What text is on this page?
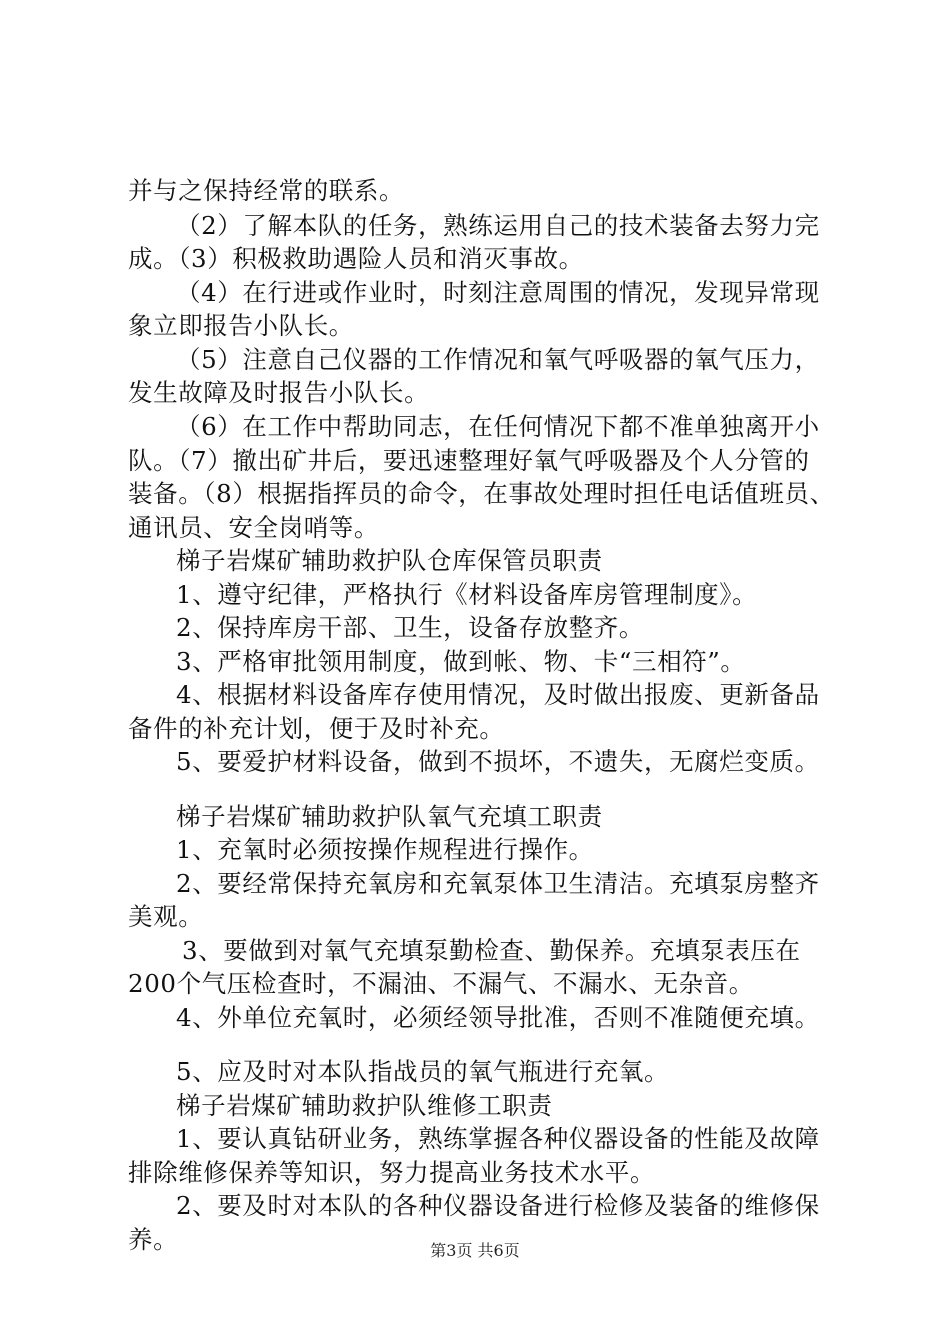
并与之保持经常的联系。
（2）了解本队的任务，熟练运用自己的技术装备去努力完
成。（3）积极救助遇险人员和消灭事故。
（4）在行进或作业时，时刻注意周围的情况，发现异常现
象立即报告小队长。
（5）注意自己仪器的工作情况和氧气呼吸器的氧气压力，
发生故障及时报告小队长。
（6）在工作中帮助同志，在任何情况下都不准单独离开小
队。（7）撤出矿井后，要迅速整理好氧气呼吸器及个人分管的
装备。（8）根据指挥员的命令，在事故处理时担任电话值班员、
通讯员、安全岗哨等。
梯子岩煤矿辅助救护队仓库保管员职责
1、遵守纪律，严格执行《材料设备库房管理制度》。
2、保持库房干部、卫生，设备存放整齐。
3、严格审批领用制度，做到帐、物、卡“三相符”。
4、根据材料设备库存使用情况，及时做出报废、更新备品
备件的补充计划，便于及时补充。
5、要爱护材料设备，做到不损坏，不遗失，无腐烂变质。
梯子岩煤矿辅助救护队氧气充填工职责
1、充氧时必须按操作规程进行操作。
2、要经常保持充氧房和充氧泵体卫生清洁。充填泵房整齐
美观。
3、要做到对氧气充填泵勤检查、勤保养。充填泵表压在
200个气压检查时，不漏油、不漏气、不漏水、无杂音。
4、外单位充氧时，必须经领导批准，否则不准随便充填。
5、应及时对本队指战员的氧气瓶进行充氧。
梯子岩煤矿辅助救护队维修工职责
1、要认真钻研业务，熟练掌握各种仪器设备的性能及故障
排除维修保养等知识，努力提高业务技术水平。
2、要及时对本队的各种仪器设备进行检修及装备的维修保
养。	第3页 共6页
